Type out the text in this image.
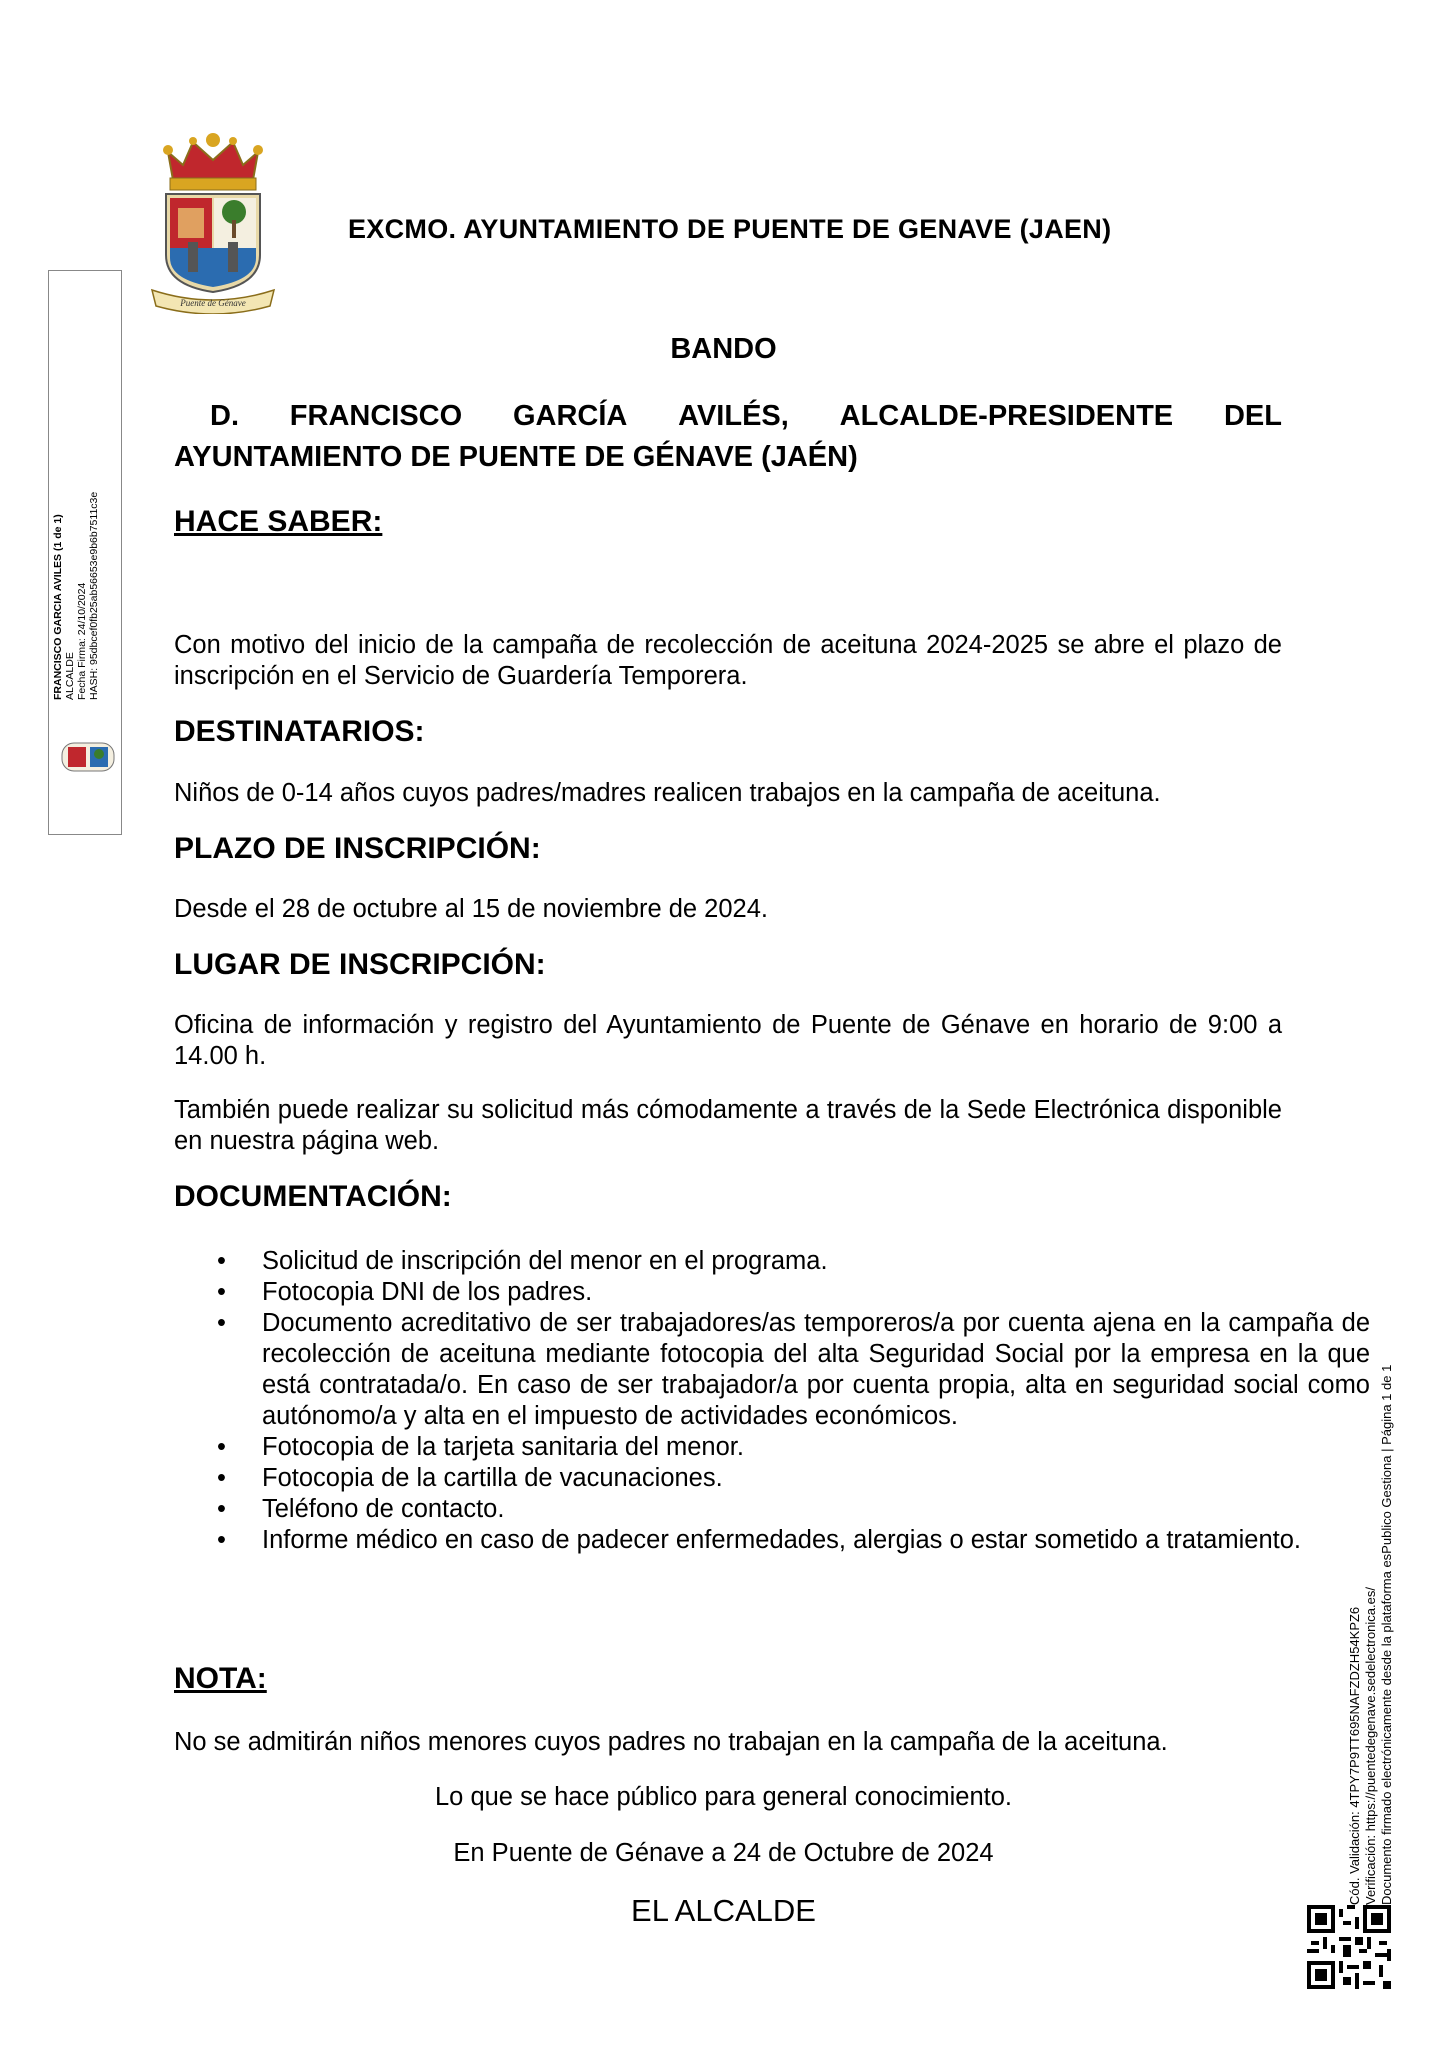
Puente de Génave
EXCMO. AYUNTAMIENTO DE PUENTE DE GENAVE (JAEN)
BANDO
D. FRANCISCO GARCÍA AVILÉS, ALCALDE-PRESIDENTE DEL
AYUNTAMIENTO DE PUENTE DE GÉNAVE (JAÉN)
HACE SABER:
Con motivo del inicio de la campaña de recolección de aceituna 2024-2025 se abre el plazo de inscripción en el Servicio de Guardería Temporera.
DESTINATARIOS:
Niños de 0-14 años cuyos padres/madres realicen trabajos en la campaña de aceituna.
PLAZO DE INSCRIPCIÓN:
Desde el 28 de octubre al 15 de noviembre de 2024.
LUGAR DE INSCRIPCIÓN:
Oficina de información y registro del Ayuntamiento de Puente de Génave en horario de 9:00 a 14.00 h.
También puede realizar su solicitud más cómodamente a través de la Sede Electrónica disponible en nuestra página web.
DOCUMENTACIÓN:
• Solicitud de inscripción del menor en el programa.
• Fotocopia DNI de los padres.
• Documento acreditativo de ser trabajadores/as temporeros/a por cuenta ajena en la campaña de recolección de aceituna mediante fotocopia del alta Seguridad Social por la empresa en la que está contratada/o. En caso de ser trabajador/a por cuenta propia, alta en seguridad social como autónomo/a y alta en el impuesto de actividades económicos.
• Fotocopia de la tarjeta sanitaria del menor.
• Fotocopia de la cartilla de vacunaciones.
• Teléfono de contacto.
• Informe médico en caso de padecer enfermedades, alergias o estar sometido a tratamiento.
NOTA:
No se admitirán niños menores cuyos padres no trabajan en la campaña de la aceituna.
Lo que se hace público para general conocimiento.
En Puente de Génave a 24 de Octubre de 2024
EL ALCALDE
FRANCISCO GARCIA AVILES (1 de 1) ALCALDE Fecha Firma: 24/10/2024 HASH: 95dbcef0fb25ab56653e9b6b7511c3e
Cód. Validación: 4TPY7P9TT695NAFZDZH54KPZ6 Verificación: https://puentedegenave.sedelectronica.es/ Documento firmado electrónicamente desde la plataforma esPublico Gestiona | Página 1 de 1
